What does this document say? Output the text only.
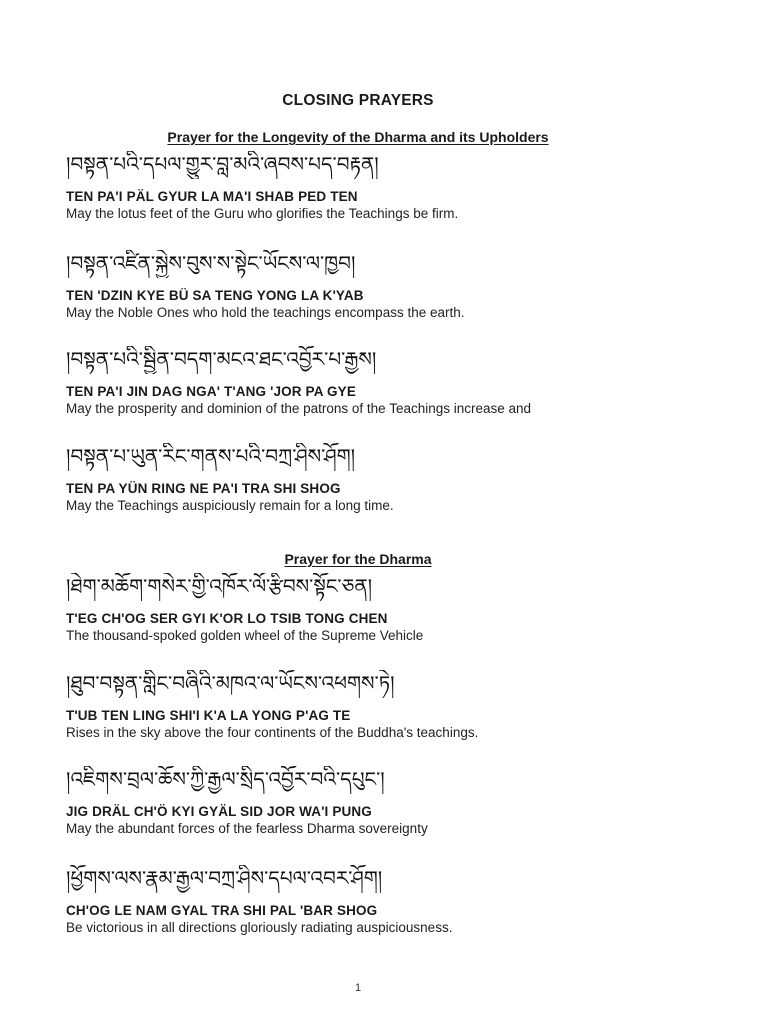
CLOSING PRAYERS
Prayer for the Longevity of the Dharma and its Upholders
།བསྟན་པའི་དཔལ་གྱུར་བླ་མའི་ཞབས་པད་བརྟན།
TEN PA'I PÄL GYUR LA MA'I SHAB PED TEN
May the lotus feet of the Guru who glorifies the Teachings be firm.
།བསྟན་འཛིན་སྐྱེས་བུས་ས་སྟེང་ཡོངས་ལ་ཁྱབ།
TEN 'DZIN KYE BÜ SA TENG YONG LA K'YAB
May the Noble Ones who hold the teachings encompass the earth.
།བསྟན་པའི་སྦྱིན་བདག་མངའ་ཐང་འབྱོར་པ་རྒྱས།
TEN PA'I JIN DAG NGA' T'ANG 'JOR PA GYE
May the prosperity and dominion of the patrons of the Teachings increase and
།བསྟན་པ་ཡུན་རིང་གནས་པའི་བཀྲ་ཤིས་ཤོག།
TEN PA YÜN RING NE PA'I TRA SHI SHOG
May the Teachings auspiciously remain for a long time.
Prayer for the Dharma
།ཐེག་མཆོག་གསེར་གྱི་འཁོར་ལོ་རྩིབས་སྟོང་ཅན།
T'EG CH'OG SER GYI K'OR LO TSIB TONG CHEN
The thousand-spoked golden wheel of the Supreme Vehicle
།ཐུབ་བསྟན་གླིང་བཞིའི་མཁའ་ལ་ཡོངས་འཕགས་ཏེ།
T'UB TEN LING SHI'I K'A LA YONG P'AG TE
Rises in the sky above the four continents of the Buddha's teachings.
།འཇིགས་བྲལ་ཆོས་ཀྱི་རྒྱལ་སྲིད་འབྱོར་བའི་དཔུང་།
JIG DRÄL CH'Ö KYI GYÄL SID JOR WA'I PUNG
May the abundant forces of the fearless Dharma sovereignty
།ཕྱོགས་ལས་རྣམ་རྒྱལ་བཀྲ་ཤིས་དཔལ་འབར་ཤོག།
CH'OG LE NAM GYAL TRA SHI PAL 'BAR SHOG
Be victorious in all directions gloriously radiating auspiciousness.
1
